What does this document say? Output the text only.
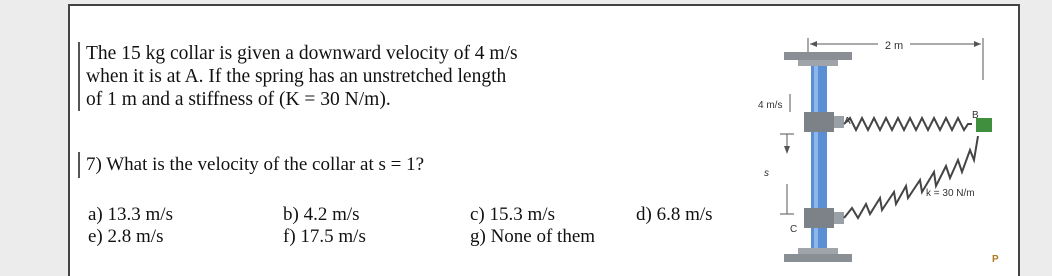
The 15 kg collar is given a downward velocity of 4 m/s
when it is at A. If the spring has an unstretched length
of 1 m and a stiffness of (K = 30 N/m).
7) What is the velocity of the collar at s = 1?
a) 13.3 m/s
e) 2.8 m/s
b) 4.2 m/s
f) 17.5 m/s
c) 15.3 m/s
g) None of them
d) 6.8 m/s
2 m
A
C
4 m/s
s
B
k = 30 N/m
P
